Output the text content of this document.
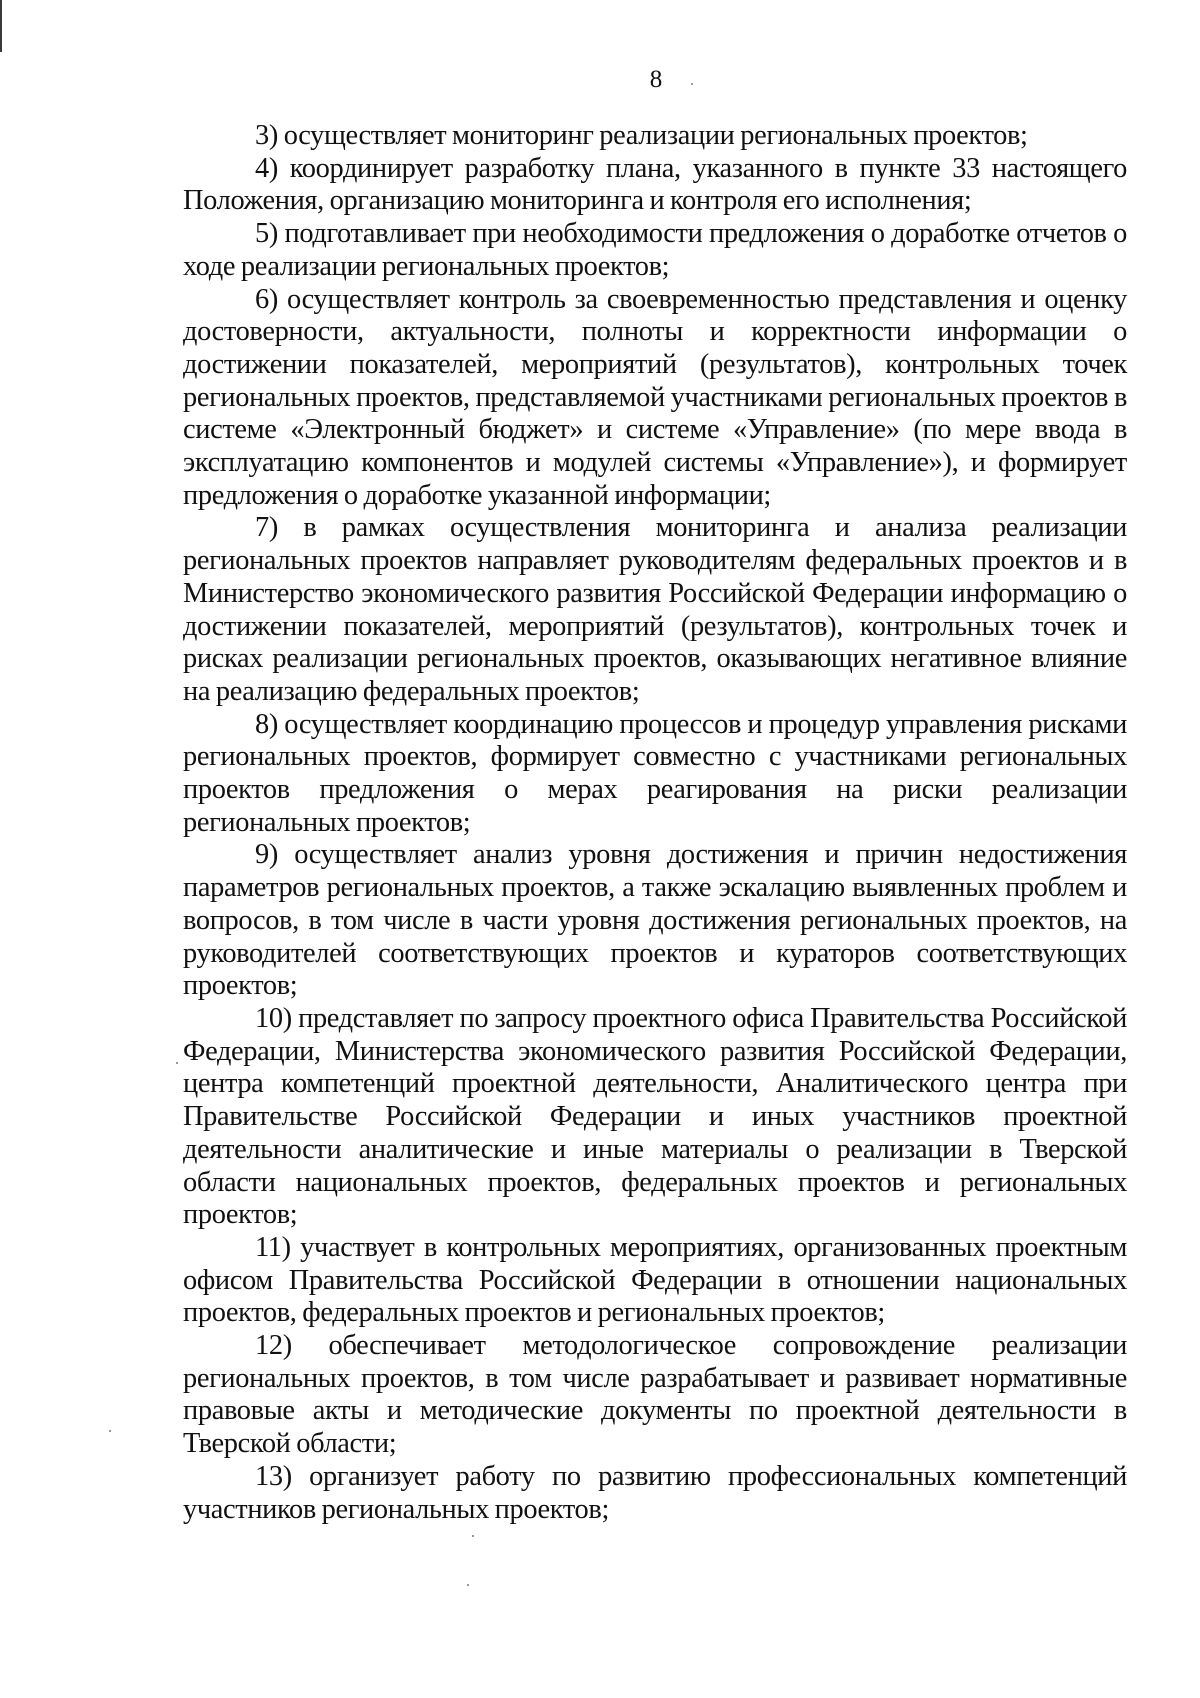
8

3) осуществляет мониторинг реализации региональных проектов;

4) координирует разработку плана, указанного в пункте 33 настоящего Положения, организацию мониторинга и контроля его исполнения;

5) подготавливает при необходимости предложения о доработке отчетов о ходе реализации региональных проектов;

6) осуществляет контроль за своевременностью представления и оценку достоверности, актуальности, полноты и корректности информации о достижении показателей, мероприятий (результатов), контрольных точек региональных проектов, представляемой участниками региональных проектов в системе «Электронный бюджет» и системе «Управление» (по мере ввода в эксплуатацию компонентов и модулей системы «Управление»), и формирует предложения о доработке указанной информации;

7) в рамках осуществления мониторинга и анализа реализации региональных проектов направляет руководителям федеральных проектов и в Министерство экономического развития Российской Федерации информацию о достижении показателей, мероприятий (результатов), контрольных точек и рисках реализации региональных проектов, оказывающих негативное влияние на реализацию федеральных проектов;

8) осуществляет координацию процессов и процедур управления рисками региональных проектов, формирует совместно с участниками региональных проектов предложения о мерах реагирования на риски реализации региональных проектов;

9) осуществляет анализ уровня достижения и причин недостижения параметров региональных проектов, а также эскалацию выявленных проблем и вопросов, в том числе в части уровня достижения региональных проектов, на руководителей соответствующих проектов и кураторов соответствующих проектов;

10) представляет по запросу проектного офиса Правительства Российской Федерации, Министерства экономического развития Российской Федерации, центра компетенций проектной деятельности, Аналитического центра при Правительстве Российской Федерации и иных участников проектной деятельности аналитические и иные материалы о реализации в Тверской области национальных проектов, федеральных проектов и региональных проектов;

11) участвует в контрольных мероприятиях, организованных проектным офисом Правительства Российской Федерации в отношении национальных проектов, федеральных проектов и региональных проектов;

12) обеспечивает методологическое сопровождение реализации региональных проектов, в том числе разрабатывает и развивает нормативные правовые акты и методические документы по проектной деятельности в Тверской области;

13) организует работу по развитию профессиональных компетенций участников региональных проектов;
